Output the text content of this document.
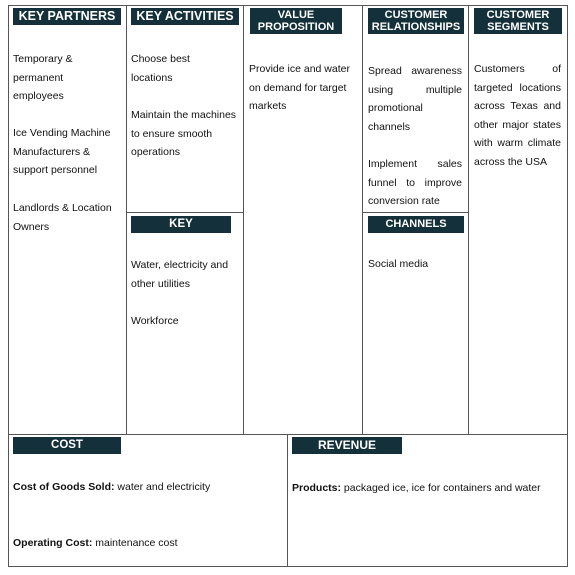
KEY PARTNERS
Temporary & permanent employees
Ice Vending Machine Manufacturers & support personnel
Landlords & Location Owners
KEY ACTIVITIES
Choose best locations
Maintain the machines to ensure smooth operations
KEY RESOURCES
Water, electricity and other utilities
Workforce
VALUE
PROPOSITION
Provide ice and water on demand for target markets
CUSTOMER
RELATIONSHIPS
Spread awareness using multiple promotional channels
Implement sales funnel to improve conversion rate
CHANNELS
Social media
CUSTOMER
SEGMENTS
Customers of targeted locations across Texas and other major states with warm climate across the USA
COST STRUCTURE
Cost of Goods Sold: water and electricity
Operating Cost: maintenance cost
REVENUE
Products: packaged ice, ice for containers and water
